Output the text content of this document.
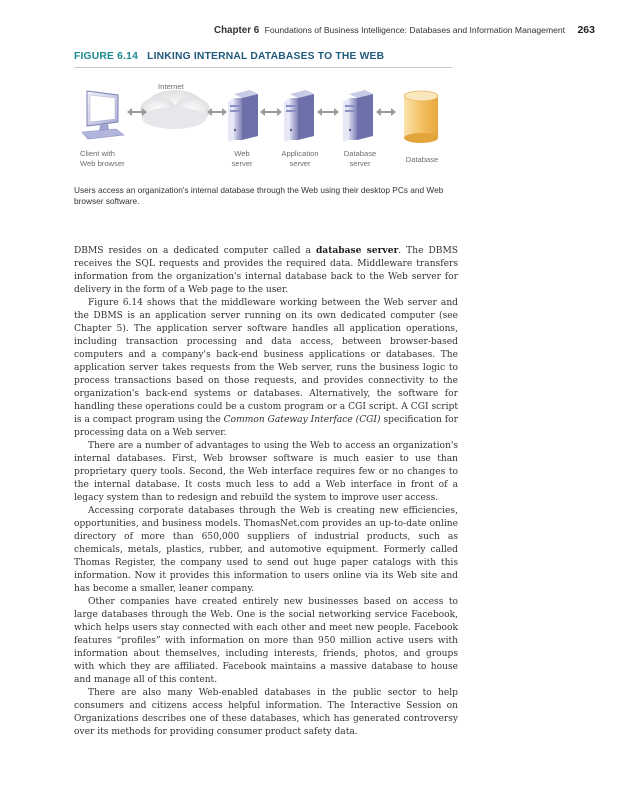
Chapter 6 Foundations of Business Intelligence: Databases and Information Management 263
FIGURE 6.14 LINKING INTERNAL DATABASES TO THE WEB
Internet
Client with
Web browser
Web
server
Application
server
Database
server	Database
Users access an organization's internal database through the Web using their desktop PCs and Web browser software.

DBMS resides on a dedicated computer called a database server. The DBMS receives the SQL requests and provides the required data. Middleware transfers information from the organization's internal database back to the Web server for delivery in the form of a Web page to the user.

Figure 6.14 shows that the middleware working between the Web server and the DBMS is an application server running on its own dedicated computer (see Chapter 5). The application server software handles all application operations, including transaction processing and data access, between browser-based computers and a company's back-end business applications or databases. The application server takes requests from the Web server, runs the business logic to process transactions based on those requests, and provides connectivity to the organization's back-end systems or databases. Alternatively, the software for handling these operations could be a custom program or a CGI script. A CGI script is a compact program using the Common Gateway Interface (CGI) specification for processing data on a Web server.

There are a number of advantages to using the Web to access an organization's internal databases. First, Web browser software is much easier to use than proprietary query tools. Second, the Web interface requires few or no changes to the internal database. It costs much less to add a Web interface in front of a legacy system than to redesign and rebuild the system to improve user access.

Accessing corporate databases through the Web is creating new efficiencies, opportunities, and business models. ThomasNet.com provides an up-to-date online directory of more than 650,000 suppliers of industrial products, such as chemicals, metals, plastics, rubber, and automotive equipment. Formerly called Thomas Register, the company used to send out huge paper catalogs with this information. Now it provides this information to users online via its Web site and has become a smaller, leaner company.

Other companies have created entirely new businesses based on access to large databases through the Web. One is the social networking service Facebook, which helps users stay connected with each other and meet new people. Facebook features “profiles” with information on more than 950 million active users with information about themselves, including interests, friends, photos, and groups with which they are affiliated. Facebook maintains a massive database to house and manage all of this content.

There are also many Web-enabled databases in the public sector to help consumers and citizens access helpful information. The Interactive Session on Organizations describes one of these databases, which has generated controversy over its methods for providing consumer product safety data.
